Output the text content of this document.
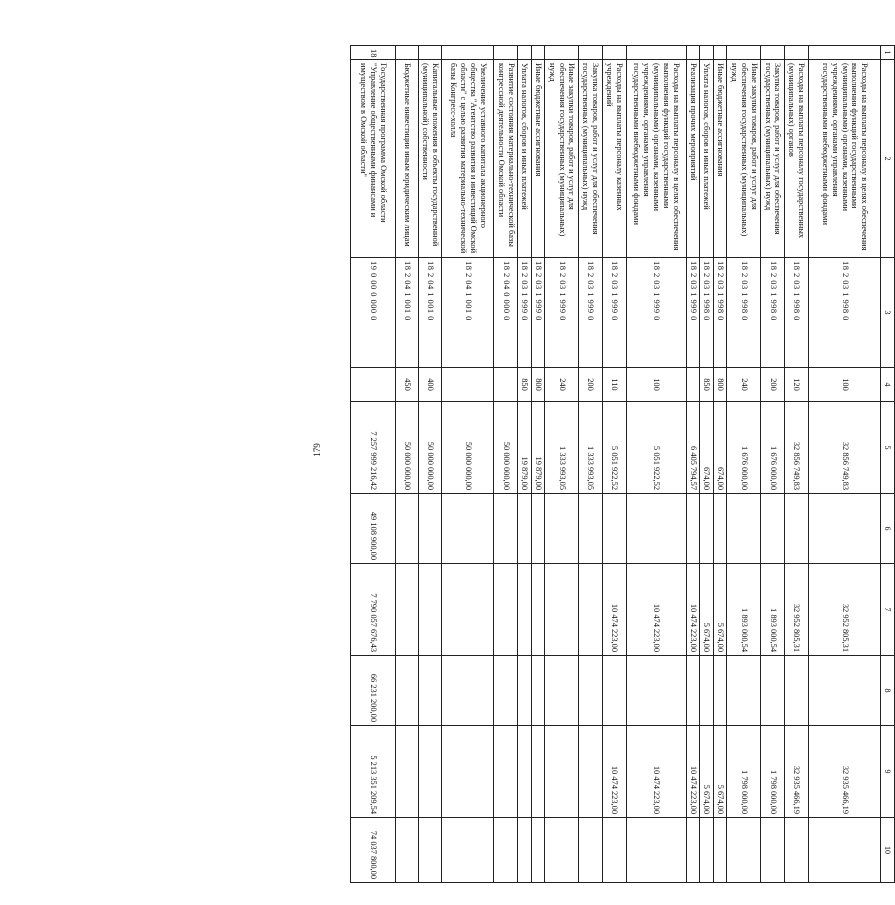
179
1	2	3	4	5	6	7	8	9	10
	Расходы на выплаты персоналу в целях обеспечения выполнения функций государственными (муниципальными) органами, казенными учреждениями, органами управления государственными внебюджетными фондами	18 2 03 1 998 0	100	32 856 749,83		32 952 805,31		32 935 466,19	
	Расходы на выплаты персоналу государственных (муниципальных) органов	18 2 03 1 998 0	120	32 856 749,83		32 952 805,31		32 935 466,19	
	Закупка товаров, работ и услуг для обеспечения государственных (муниципальных) нужд	18 2 03 1 998 0	200	1 676 000,00		1 893 000,54		1 798 000,00	
	Иные закупки товаров, работ и услуг для обеспечения государственных (муниципальных) нужд	18 2 03 1 998 0	240	1 676 000,00		1 893 000,54		1 798 000,00	
	Иные бюджетные ассигнования	18 2 03 1 998 0	800	674,00		5 674,00		5 674,00	
	Уплата налогов, сборов и иных платежей	18 2 03 1 998 0	850	674,00		5 674,00		5 674,00	
	Реализация прочих мероприятий	18 2 03 1 999 0		6 405 794,57		10 474 223,00		10 474 223,00	
	Расходы на выплаты персоналу в целях обеспечения выполнения функций государственными (муниципальными) органами, казенными учреждениями, органами управления государственными внебюджетными фондами	18 2 03 1 999 0	100	5 051 922,52		10 474 223,00		10 474 223,00	
	Расходы на выплаты персоналу казенных учреждений	18 2 03 1 999 0	110	5 051 922,52		10 474 223,00		10 474 223,00	
	Закупка товаров, работ и услуг для обеспечения государственных (муниципальных) нужд	18 2 03 1 999 0	200	1 333 993,05					
	Иные закупки товаров, работ и услуг для обеспечения государственных (муниципальных) нужд	18 2 03 1 999 0	240	1 333 993,05					
	Иные бюджетные ассигнования	18 2 03 1 999 0	800	19 879,00					
	Уплата налогов, сборов и иных платежей	18 2 03 1 999 0	850	19 879,00					
	Развитие состояния материально-технической базы конгрессной деятельности Омской области	18 2 04 0 000 0		50 000 000,00					
	Увеличение уставного капитала акционерного общества "Агентство развития и инвестиций Омской области" с целью развития материально-технической базы Конгресс-холла	18 2 04 1 001 0		50 000 000,00					
	Капитальные вложения в объекты государственной (муниципальной) собственности	18 2 04 1 001 0	400	50 000 000,00					
	Бюджетные инвестиции иным юридическим лицам	18 2 04 1 001 0	450	50 000 000,00					
18	Государственная программа Омской области "Управление общественными финансами и имуществом в Омской области"	19 0 00 0 000 0		7 257 999 216,42	49 108 900,00	7 790 057 676,43	66 231 200,00	5 213 351 209,54	74 037 800,00
